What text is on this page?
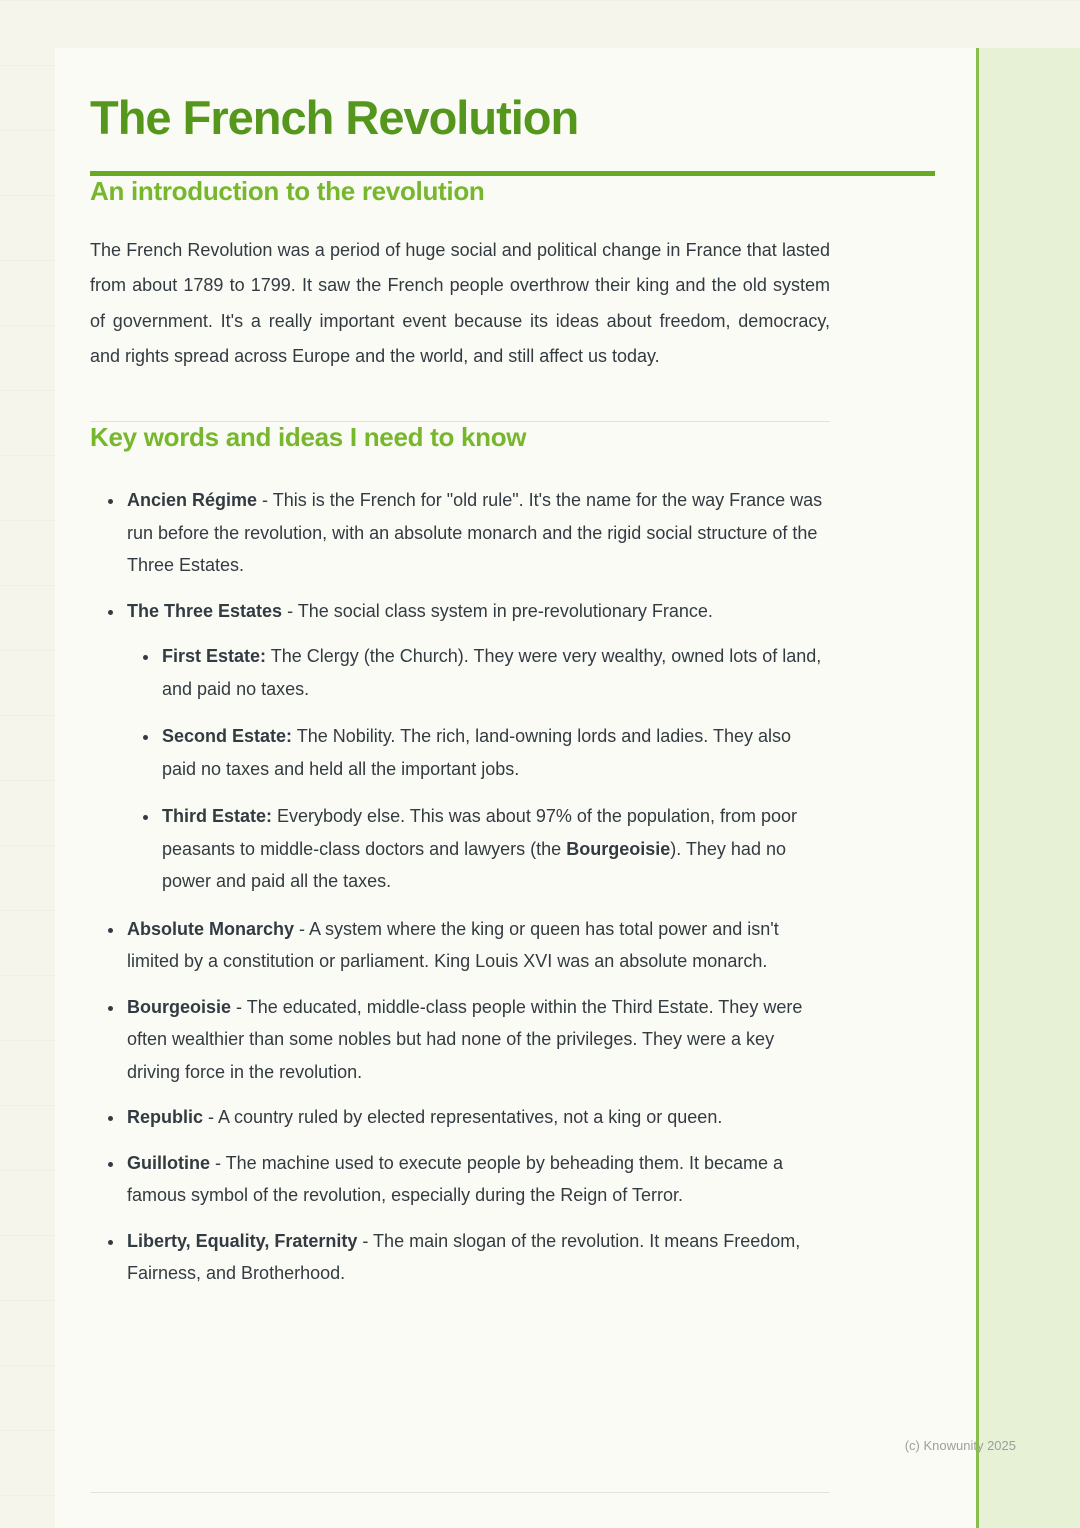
The French Revolution
An introduction to the revolution

The French Revolution was a period of huge social and political change in France that lasted from about 1789 to 1799. It saw the French people overthrow their king and the old system of government. It's a really important event because its ideas about freedom, democracy, and rights spread across Europe and the world, and still affect us today.

Key words and ideas I need to know
• Ancien Régime - This is the French for "old rule". It's the name for the way France was run before the revolution, with an absolute monarch and the rigid social structure of the Three Estates.
• The Three Estates - The social class system in pre-revolutionary France.
• First Estate: The Clergy (the Church). They were very wealthy, owned lots of land, and paid no taxes.
• Second Estate: The Nobility. The rich, land-owning lords and ladies. They also paid no taxes and held all the important jobs.
• Third Estate: Everybody else. This was about 97% of the population, from poor peasants to middle-class doctors and lawyers (the Bourgeoisie). They had no power and paid all the taxes.
• Absolute Monarchy - A system where the king or queen has total power and isn't limited by a constitution or parliament. King Louis XVI was an absolute monarch.
• Bourgeoisie - The educated, middle-class people within the Third Estate. They were often wealthier than some nobles but had none of the privileges. They were a key driving force in the revolution.
• Republic - A country ruled by elected representatives, not a king or queen.
• Guillotine - The machine used to execute people by beheading them. It became a famous symbol of the revolution, especially during the Reign of Terror.
• Liberty, Equality, Fraternity - The main slogan of the revolution. It means Freedom, Fairness, and Brotherhood.
(c) Knowunity 2025
